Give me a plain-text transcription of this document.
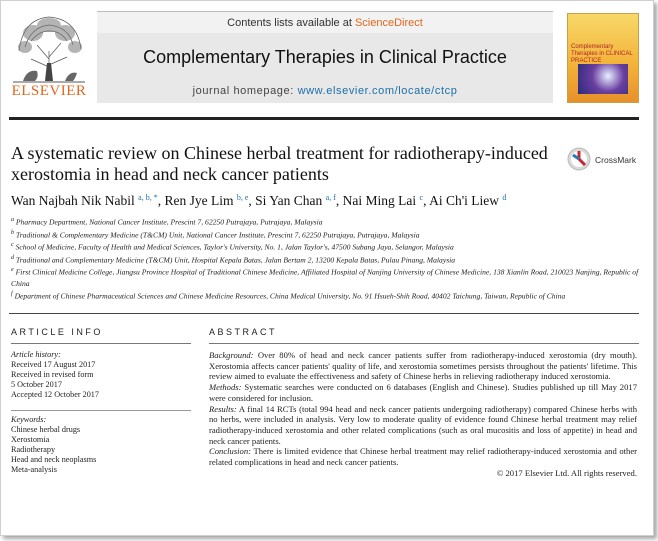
ELSEVIER
Contents lists available at ScienceDirect
Complementary Therapies in Clinical Practice
journal homepage: www.elsevier.com/locate/ctcp
Complementary Therapies in CLINICAL PRACTICE
A systematic review on Chinese herbal treatment for radiotherapy-induced xerostomia in head and neck cancer patients
CrossMark
Wan Najbah Nik Nabil $^{a, b, *}$, Ren Jye Lim $^{b, e}$, Si Yan Chan $^{a, f}$, Nai Ming Lai $^c$, Ai Ch'i Liew $^d$
$^a$ Pharmacy Department, National Cancer Institute, Prescint 7, 62250 Putrajaya, Putrajaya, Malaysia
$^b$ Traditional & Complementary Medicine (T&CM) Unit, National Cancer Institute, Prescint 7, 62250 Putrajaya, Putrajaya, Malaysia
$^c$ School of Medicine, Faculty of Health and Medical Sciences, Taylor's University, No. 1, Jalan Taylor's, 47500 Subang Jaya, Selangor, Malaysia
$^d$ Traditional and Complementary Medicine (T&CM) Unit, Hospital Kepala Batas, Jalan Bertam 2, 13200 Kepala Batas, Pulau Pinang, Malaysia
$^e$ First Clinical Medicine College, Jiangsu Province Hospital of Traditional Chinese Medicine, Affiliated Hospital of Nanjing University of Chinese Medicine, 138 Xianlin Road, 210023 Nanjing, Republic of China
$^f$ Department of Chinese Pharmaceutical Sciences and Chinese Medicine Resources, China Medical University, No. 91 Hsueh-Shih Road, 40402 Taichung, Taiwan, Republic of China
ARTICLE INFO
Article history:
Received 17 August 2017
Received in revised form
5 October 2017
Accepted 12 October 2017
Keywords:
Chinese herbal drugs
Xerostomia
Radiotherapy
Head and neck neoplasms
Meta-analysis
ABSTRACT

Background: Over 80% of head and neck cancer patients suffer from radiotherapy-induced xerostomia (dry mouth). Xerostomia affects cancer patients' quality of life, and xerostomia sometimes persists throughout the patients' lifetime. This review aimed to evaluate the effectiveness and safety of Chinese herbs in relieving radiotherapy induced xerostomia.

Methods: Systematic searches were conducted on 6 databases (English and Chinese). Studies published up till May 2017 were considered for inclusion.

Results: A final 14 RCTs (total 994 head and neck cancer patients undergoing radiotherapy) compared Chinese herbs with no herbs, were included in analysis. Very low to moderate quality of evidence found Chinese herbal treatment may relief radiotherapy-induced xerostomia and other related complications (such as oral mucositis and loss of appetite) in head and neck cancer patients.

Conclusion: There is limited evidence that Chinese herbal treatment may relief radiotherapy-induced xerostomia and other related complications in head and neck cancer patients.

© 2017 Elsevier Ltd. All rights reserved.
